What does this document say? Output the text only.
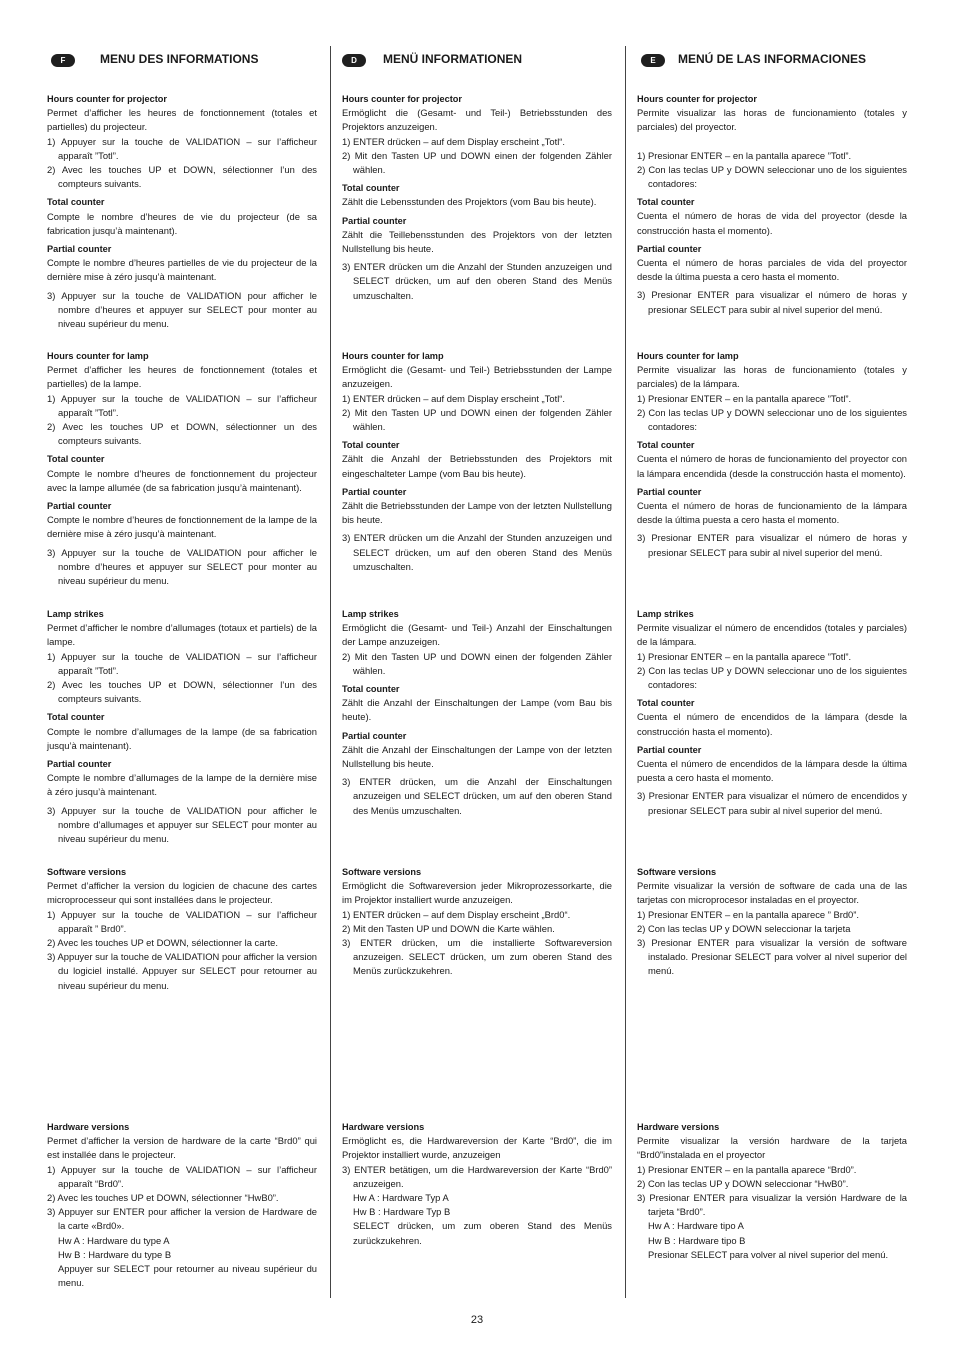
F	MENU DES INFORMATIONS
Hours counter for projector

Permet d’afficher les heures de fonctionnement (totales et partielles) du projecteur.

1) Appuyer sur la touche de VALIDATION – sur l’afficheur apparaît ”Totl”.

2) Avec les touches UP et DOWN, sélectionner l’un des compteurs suivants.

Total counter

Compte le nombre d’heures de vie du projecteur (de sa fabrication jusqu’à maintenant).

Partial counter

Compte le nombre d’heures partielles de vie du projecteur de la dernière mise à zéro jusqu’à maintenant.

3) Appuyer sur la touche de VALIDATION pour afficher le nombre d’heures et appuyer sur SELECT pour monter au niveau supérieur du menu.

Hours counter for lamp

Permet d’afficher les heures de fonctionnement (totales et partielles) de la lampe.

1) Appuyer sur la touche de VALIDATION – sur l’afficheur apparaît ”Totl”.

2) Avec les touches UP et DOWN, sélectionner un des compteurs suivants.

Total counter

Compte le nombre d’heures de fonctionnement du projecteur avec la lampe allumée (de sa fabrication jusqu’à maintenant).

Partial counter

Compte le nombre d’heures de fonctionnement de la lampe de la dernière mise à zéro jusqu’à maintenant.

3) Appuyer sur la touche de VALIDATION pour afficher le nombre d’heures et appuyer sur SELECT pour monter au niveau supérieur du menu.

Lamp strikes

Permet d’afficher le nombre d’allumages (totaux et partiels) de la lampe.

1) Appuyer sur la touche de VALIDATION – sur l’afficheur apparaît ”Totl”.

2) Avec les touches UP et DOWN, sélectionner l’un des compteurs suivants.

Total counter

Compte le nombre d’allumages de la lampe (de sa fabrication jusqu’à maintenant).

Partial counter

Compte le nombre d’allumages de la lampe de la dernière mise à zéro jusqu’à maintenant.

3) Appuyer sur la touche de VALIDATION pour afficher le nombre d’allumages et appuyer sur SELECT pour monter au niveau supérieur du menu.

Software versions

Permet d’afficher la version du logicien de chacune des cartes microprocesseur qui sont installées dans le projecteur.

1) Appuyer sur la touche de VALIDATION – sur l’afficheur apparaît ” Brd0”.

2) Avec les touches UP et DOWN, sélectionner la carte.

3) Appuyer sur la touche de VALIDATION pour afficher la version du logiciel installé. Appuyer sur SELECT pour retourner au niveau supérieur du menu.

Hardware versions

Permet d’afficher la version de hardware de la carte “Brd0” qui est installée dans le projecteur.

1) Appuyer sur la touche de VALIDATION – sur l’afficheur apparaît “Brd0”.

2) Avec les touches UP et DOWN, sélectionner “HwB0”.

3) Appuyer sur ENTER pour afficher la version de Hardware de la carte «Brd0».

Hw A : Hardware du type A

Hw B : Hardware du type B

Appuyer sur SELECT pour retourner au niveau supérieur du menu.

D	MENÜ INFORMATIONEN
Hours counter for projector

Ermöglicht die (Gesamt- und Teil-) Betriebsstunden des Projektors anzuzeigen.

1) ENTER drücken – auf dem Display erscheint „Totl“.

2) Mit den Tasten UP und DOWN einen der folgenden Zähler wählen.

Total counter

Zählt die Lebensstunden des Projektors (vom Bau bis heute).

Partial counter

Zählt die Teillebensstunden des Projektors von der letzten Nullstellung bis heute.

3) ENTER drücken um die Anzahl der Stunden anzuzeigen und SELECT drücken, um auf den oberen Stand des Menüs umzuschalten.

Hours counter for lamp

Ermöglicht die (Gesamt- und Teil-) Betriebsstunden der Lampe anzuzeigen.

1) ENTER drücken – auf dem Display erscheint „Totl“.

2) Mit den Tasten UP und DOWN einen der folgenden Zähler wählen.

Total counter

Zählt die Anzahl der Betriebsstunden des Projektors mit eingeschalteter Lampe (vom Bau bis heute).

Partial counter

Zählt die Betriebsstunden der Lampe von der letzten Nullstellung bis heute.

3) ENTER drücken um die Anzahl der Stunden anzuzeigen und SELECT drücken, um auf den oberen Stand des Menüs umzuschalten.

Lamp strikes

Ermöglicht die (Gesamt- und Teil-) Anzahl der Einschaltungen der Lampe anzuzeigen.

2) Mit den Tasten UP und DOWN einen der folgenden Zähler wählen.

Total counter

Zählt die Anzahl der Einschaltungen der Lampe (vom Bau bis heute).

Partial counter

Zählt die Anzahl der Einschaltungen der Lampe von der letzten Nullstellung bis heute.

3) ENTER drücken, um die Anzahl der Einschaltungen anzuzeigen und SELECT drücken, um auf den oberen Stand des Menüs umzuschalten.

Software versions

Ermöglicht die Softwareversion jeder Mikroprozessorkarte, die im Projektor installiert wurde anzuzeigen.

1) ENTER drücken – auf dem Display erscheint „Brd0“.

2) Mit den Tasten UP und DOWN die Karte wählen.

3) ENTER drücken, um die installierte Softwareversion anzuzeigen. SELECT drücken, um zum oberen Stand des Menüs zurückzukehren.

Hardware versions

Ermöglicht es, die Hardwareversion der Karte “Brd0”, die im Projektor installiert wurde, anzuzeigen

3) ENTER betätigen, um die Hardwareversion der Karte “Brd0” anzuzeigen.

Hw A : Hardware Typ A

Hw B : Hardware Typ B

SELECT drücken, um zum oberen Stand des Menüs zurückzukehren.

E	MENÚ DE LAS INFORMACIONES
Hours counter for projector

Permite visualizar las horas de funcionamiento (totales y parciales) del proyector.

1) Presionar ENTER – en la pantalla aparece ”Totl”.

2) Con las teclas UP y DOWN seleccionar uno de los siguientes contadores:

Total counter

Cuenta el número de horas de vida del proyector (desde la construcción hasta el momento).

Partial counter

Cuenta el número de horas parciales de vida del proyector desde la última puesta a cero hasta el momento.

3) Presionar ENTER para visualizar el número de horas y presionar SELECT para subir al nivel superior del menú.

Hours counter for lamp

Permite visualizar las horas de funcionamiento (totales y parciales) de la lámpara.

1) Presionar ENTER – en la pantalla aparece ”Totl”.

2) Con las teclas UP y DOWN seleccionar uno de los siguientes contadores:

Total counter

Cuenta el número de horas de funcionamiento del proyector con la lámpara encendida (desde la construcción hasta el momento).

Partial counter

Cuenta el número de horas de funcionamiento de la lámpara desde la última puesta a cero hasta el momento.

3) Presionar ENTER para visualizar el número de horas y presionar SELECT para subir al nivel superior del menú.

Lamp strikes

Permite visualizar el número de encendidos (totales y parciales) de la lámpara.

1) Presionar ENTER – en la pantalla aparece ”Totl”.

2) Con las teclas UP y DOWN seleccionar uno de los siguientes contadores:

Total counter

Cuenta el número de encendidos de la lámpara (desde la construcción hasta el momento).

Partial counter

Cuenta el número de encendidos de la lámpara desde la última puesta a cero hasta el momento.

3) Presionar ENTER para visualizar el número de encendidos y presionar SELECT para subir al nivel superior del menú.

Software versions

Permite visualizar la versión de software de cada una de las tarjetas con microprocesor instaladas en el proyector.

1) Presionar ENTER – en la pantalla aparece ” Brd0”.

2) Con las teclas UP y DOWN seleccionar la tarjeta

3) Presionar ENTER para visualizar la versión de software instalado. Presionar SELECT para volver al nivel superior del menú.

Hardware versions

Permite visualizar la versión hardware de la tarjeta “Brd0”instalada en el proyector

1) Presionar ENTER – en la pantalla aparece “Brd0”.

2) Con las teclas UP y DOWN seleccionar “HwB0”.

3) Presionar ENTER para visualizar la versión Hardware de la tarjeta “Brd0”.

Hw A : Hardware tipo A

Hw B : Hardware tipo B

Presionar SELECT para volver al nivel superior del menú.

23
